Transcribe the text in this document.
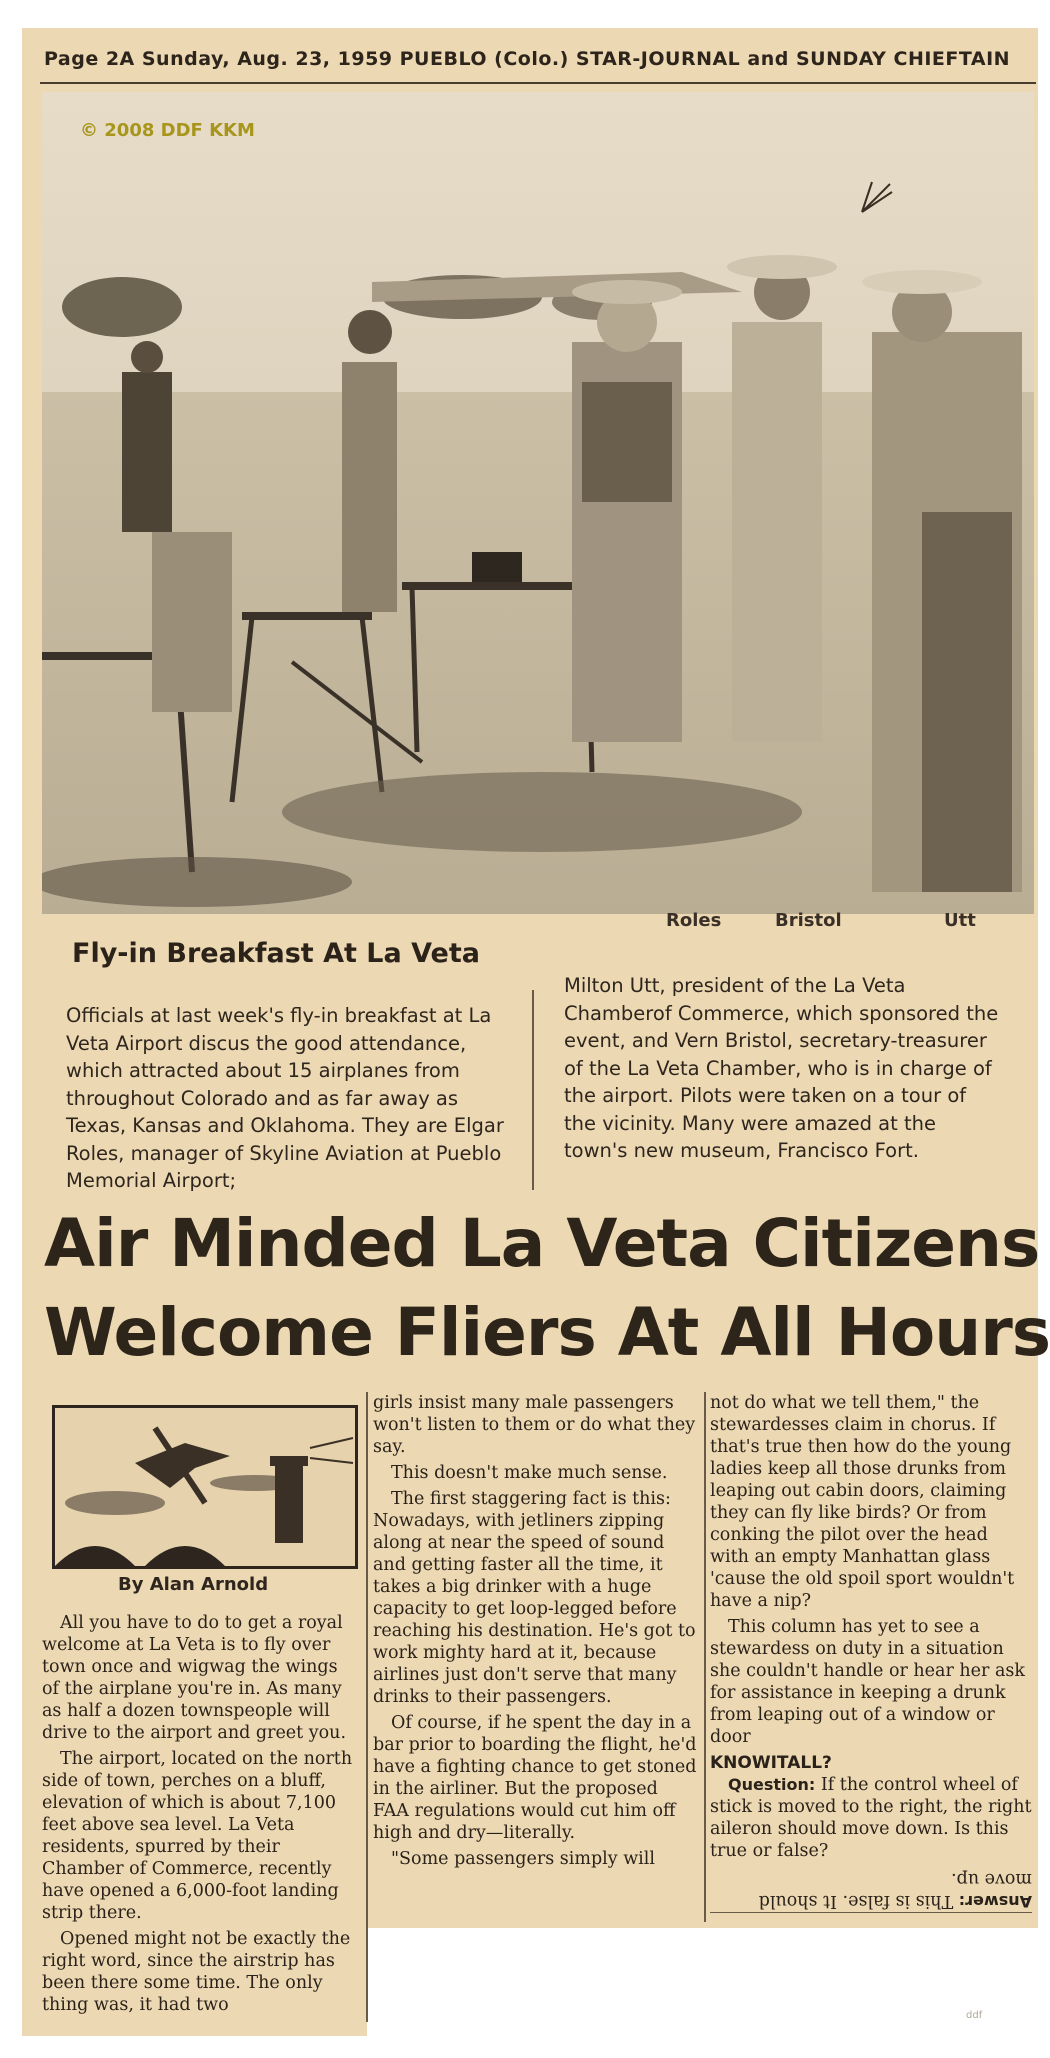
Page 2A Sunday, Aug. 23, 1959 PUEBLO (Colo.) STAR-JOURNAL and SUNDAY CHIEFTAIN
© 2008 DDF KKM
Roles	Bristol	Utt
Fly-in Breakfast At La Veta
Officials at last week's fly-in breakfast at La Veta Airport discus the good attendance, which attracted about 15 airplanes from throughout Colorado and as far away as Texas, Kansas and Oklahoma. They are Elgar Roles, manager of Skyline Aviation at Pueblo Memorial Airport;
Milton Utt, president of the La Veta Chamberof Commerce, which sponsored the event, and Vern Bristol, secretary-treasurer of the La Veta Chamber, who is in charge of the airport. Pilots were taken on a tour of the vicinity. Many were amazed at the town's new museum, Francisco Fort.
Air Minded La Veta Citizens
Welcome Fliers At All Hours
By Alan Arnold

All you have to do to get a royal welcome at La Veta is to fly over town once and wigwag the wings of the airplane you're in. As many as half a dozen townspeople will drive to the airport and greet you.

The airport, located on the north side of town, perches on a bluff, elevation of which is about 7,100 feet above sea level. La Veta residents, spurred by their Chamber of Commerce, recently have opened a 6,000-foot landing strip there.

Opened might not be exactly the right word, since the airstrip has been there some time. The only thing was, it had two

girls insist many male passengers won't listen to them or do what they say.

This doesn't make much sense.

The first staggering fact is this: Nowadays, with jetliners zipping along at near the speed of sound and getting faster all the time, it takes a big drinker with a huge capacity to get loop-legged before reaching his destination. He's got to work mighty hard at it, because airlines just don't serve that many drinks to their passengers.

Of course, if he spent the day in a bar prior to boarding the flight, he'd have a fighting chance to get stoned in the airliner. But the proposed FAA regulations would cut him off high and dry—literally.

"Some passengers simply will

not do what we tell them," the stewardesses claim in chorus. If that's true then how do the young ladies keep all those drunks from leaping out cabin doors, claiming they can fly like birds? Or from conking the pilot over the head with an empty Manhattan glass 'cause the old spoil sport wouldn't have a nip?

This column has yet to see a stewardess on duty in a situation she couldn't handle or hear her ask for assistance in keeping a drunk from leaping out of a window or door

KNOWITALL?

Question: If the control wheel of stick is moved to the right, the right aileron should move down. Is this true or false?

Answer: This is false. It should move up.
ddf
